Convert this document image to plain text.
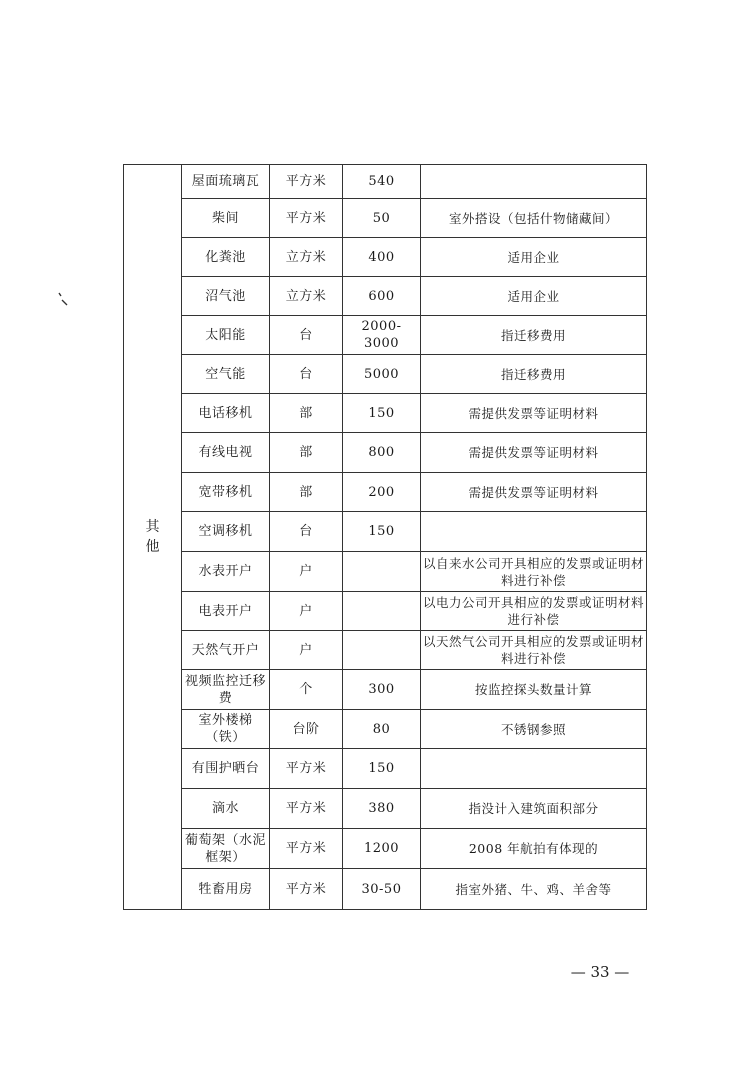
其他	屋面琉璃瓦	平方米	540	
	柴间	平方米	50	室外搭设（包括什物储藏间）
	化粪池	立方米	400	适用企业
	沼气池	立方米	600	适用企业
	太阳能	台	2000-3000	指迁移费用
	空气能	台	5000	指迁移费用
	电话移机	部	150	需提供发票等证明材料
	有线电视	部	800	需提供发票等证明材料
	宽带移机	部	200	需提供发票等证明材料
	空调移机	台	150	
	水表开户	户		以自来水公司开具相应的发票或证明材料进行补偿
	电表开户	户		以电力公司开具相应的发票或证明材料进行补偿
	天然气开户	户		以天然气公司开具相应的发票或证明材料进行补偿
	视频监控迁移费	个	300	按监控探头数量计算
	室外楼梯（铁）	台阶	80	不锈钢参照
	有围护晒台	平方米	150	
	滴水	平方米	380	指没计入建筑面积部分
	葡萄架（水泥框架）	平方米	1200	2008 年航拍有体现的
	牲畜用房	平方米	30-50	指室外猪、牛、鸡、羊舍等
— 33 —
